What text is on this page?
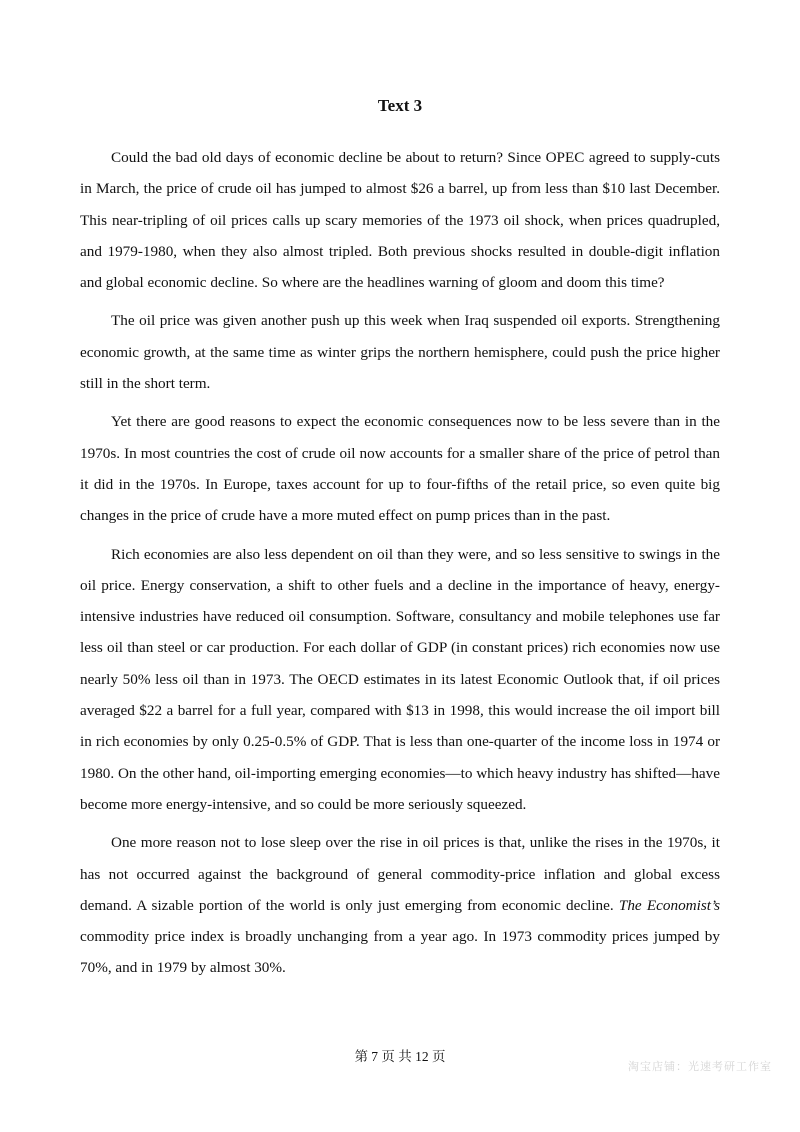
Text 3

Could the bad old days of economic decline be about to return? Since OPEC agreed to supply-cuts in March, the price of crude oil has jumped to almost $26 a barrel, up from less than $10 last December. This near-tripling of oil prices calls up scary memories of the 1973 oil shock, when prices quadrupled, and 1979-1980, when they also almost tripled. Both previous shocks resulted in double-digit inflation and global economic decline. So where are the headlines warning of gloom and doom this time?

The oil price was given another push up this week when Iraq suspended oil exports. Strengthening economic growth, at the same time as winter grips the northern hemisphere, could push the price higher still in the short term.

Yet there are good reasons to expect the economic consequences now to be less severe than in the 1970s. In most countries the cost of crude oil now accounts for a smaller share of the price of petrol than it did in the 1970s. In Europe, taxes account for up to four-fifths of the retail price, so even quite big changes in the price of crude have a more muted effect on pump prices than in the past.

Rich economies are also less dependent on oil than they were, and so less sensitive to swings in the oil price. Energy conservation, a shift to other fuels and a decline in the importance of heavy, energy-intensive industries have reduced oil consumption. Software, consultancy and mobile telephones use far less oil than steel or car production. For each dollar of GDP (in constant prices) rich economies now use nearly 50% less oil than in 1973. The OECD estimates in its latest Economic Outlook that, if oil prices averaged $22 a barrel for a full year, compared with $13 in 1998, this would increase the oil import bill in rich economies by only 0.25-0.5% of GDP. That is less than one-quarter of the income loss in 1974 or 1980. On the other hand, oil-importing emerging economies—to which heavy industry has shifted—have become more energy-intensive, and so could be more seriously squeezed.

One more reason not to lose sleep over the rise in oil prices is that, unlike the rises in the 1970s, it has not occurred against the background of general commodity-price inflation and global excess demand. A sizable portion of the world is only just emerging from economic decline. The Economist’s commodity price index is broadly unchanging from a year ago. In 1973 commodity prices jumped by 70%, and in 1979 by almost 30%.

第 7 页 共 12 页
淘宝店铺：光速考研工作室
